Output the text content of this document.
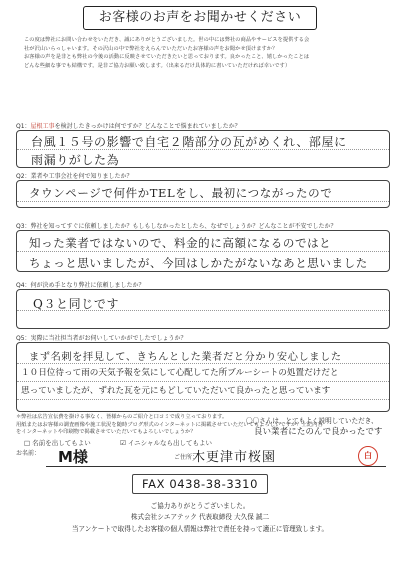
お客様のお声をお聞かせください
この度は弊社にお問い合わせをいただき、誠にありがとうございました。世の中には弊社の商品やサービスを提供する会
社が沢山いらっしゃいます。その沢山の中で弊社をえらんでいただいたお客様の声をお聞かせ頂けますか？
お客様の声を是非とも弊社の今後の活動に反映させていただきたいと思っております。良かったこと、嬉しかったことは
どんな些細な事でも結構です。是非ご協力お願い致します。（出来るだけ具体的に書いていただければ幸いです）
Q1：屋根工事を検討したきっかけは何ですか？どんなことで悩まれていましたか？
台風１５号の影響で自宅２階部分の瓦がめくれ、部屋に
雨漏りがした為
Q2：業者や工事会社を何で知りましたか？
タウンページで何件かTELをし、最初につながったので
Q3：弊社を知ってすぐに依頼しましたか？もしもしなかったとしたら、なぜでしょうか？どんなことが不安でしたか？
知った業者ではないので、料金的に高額になるのではと
ちょっと思いましたが、今回はしかたがないなあと思いました
Q4：何が決め手となり弊社に依頼しましたか？
Q３と同じです
Q5：実際に当社担当者がお伺いしていかがでしたでしょうか？
まず名刺を拝見して、きちんとした業者だと分かり安心しました
１０日位待って雨の天気予報を気にして心配してた所ブルーシートの処置だけだと
思っていましたが、ずれた瓦を元にもどしていただいて良かったと思っています
〇〇さんは、とてもよく説明していただき、
良い業者にたのんで良かったです
＊弊社は広告宣伝費を掛ける事なく、皆様からのご紹介と口コミで成り立っております。
用紙またはお客様の調査画像や施工状況を随時ブログ形式のインターネットに掲載させていただいてもよろしいですか？上記内容
をインターネットや印刷物で掲載させていただいてもよろしいでしょうか？
□ 名前を出してもよい	☑ イニシャルなら出してもよい
お名前： M様	ご住所：
木更津市桜園	白
FAX 0438-38-3310
ご協力ありがとうございました。
株式会社シエアテック 代表取締役 大久保 誠二
当アンケートで取得したお客様の個人情報は弊社で責任を持って適正に管理致します。
